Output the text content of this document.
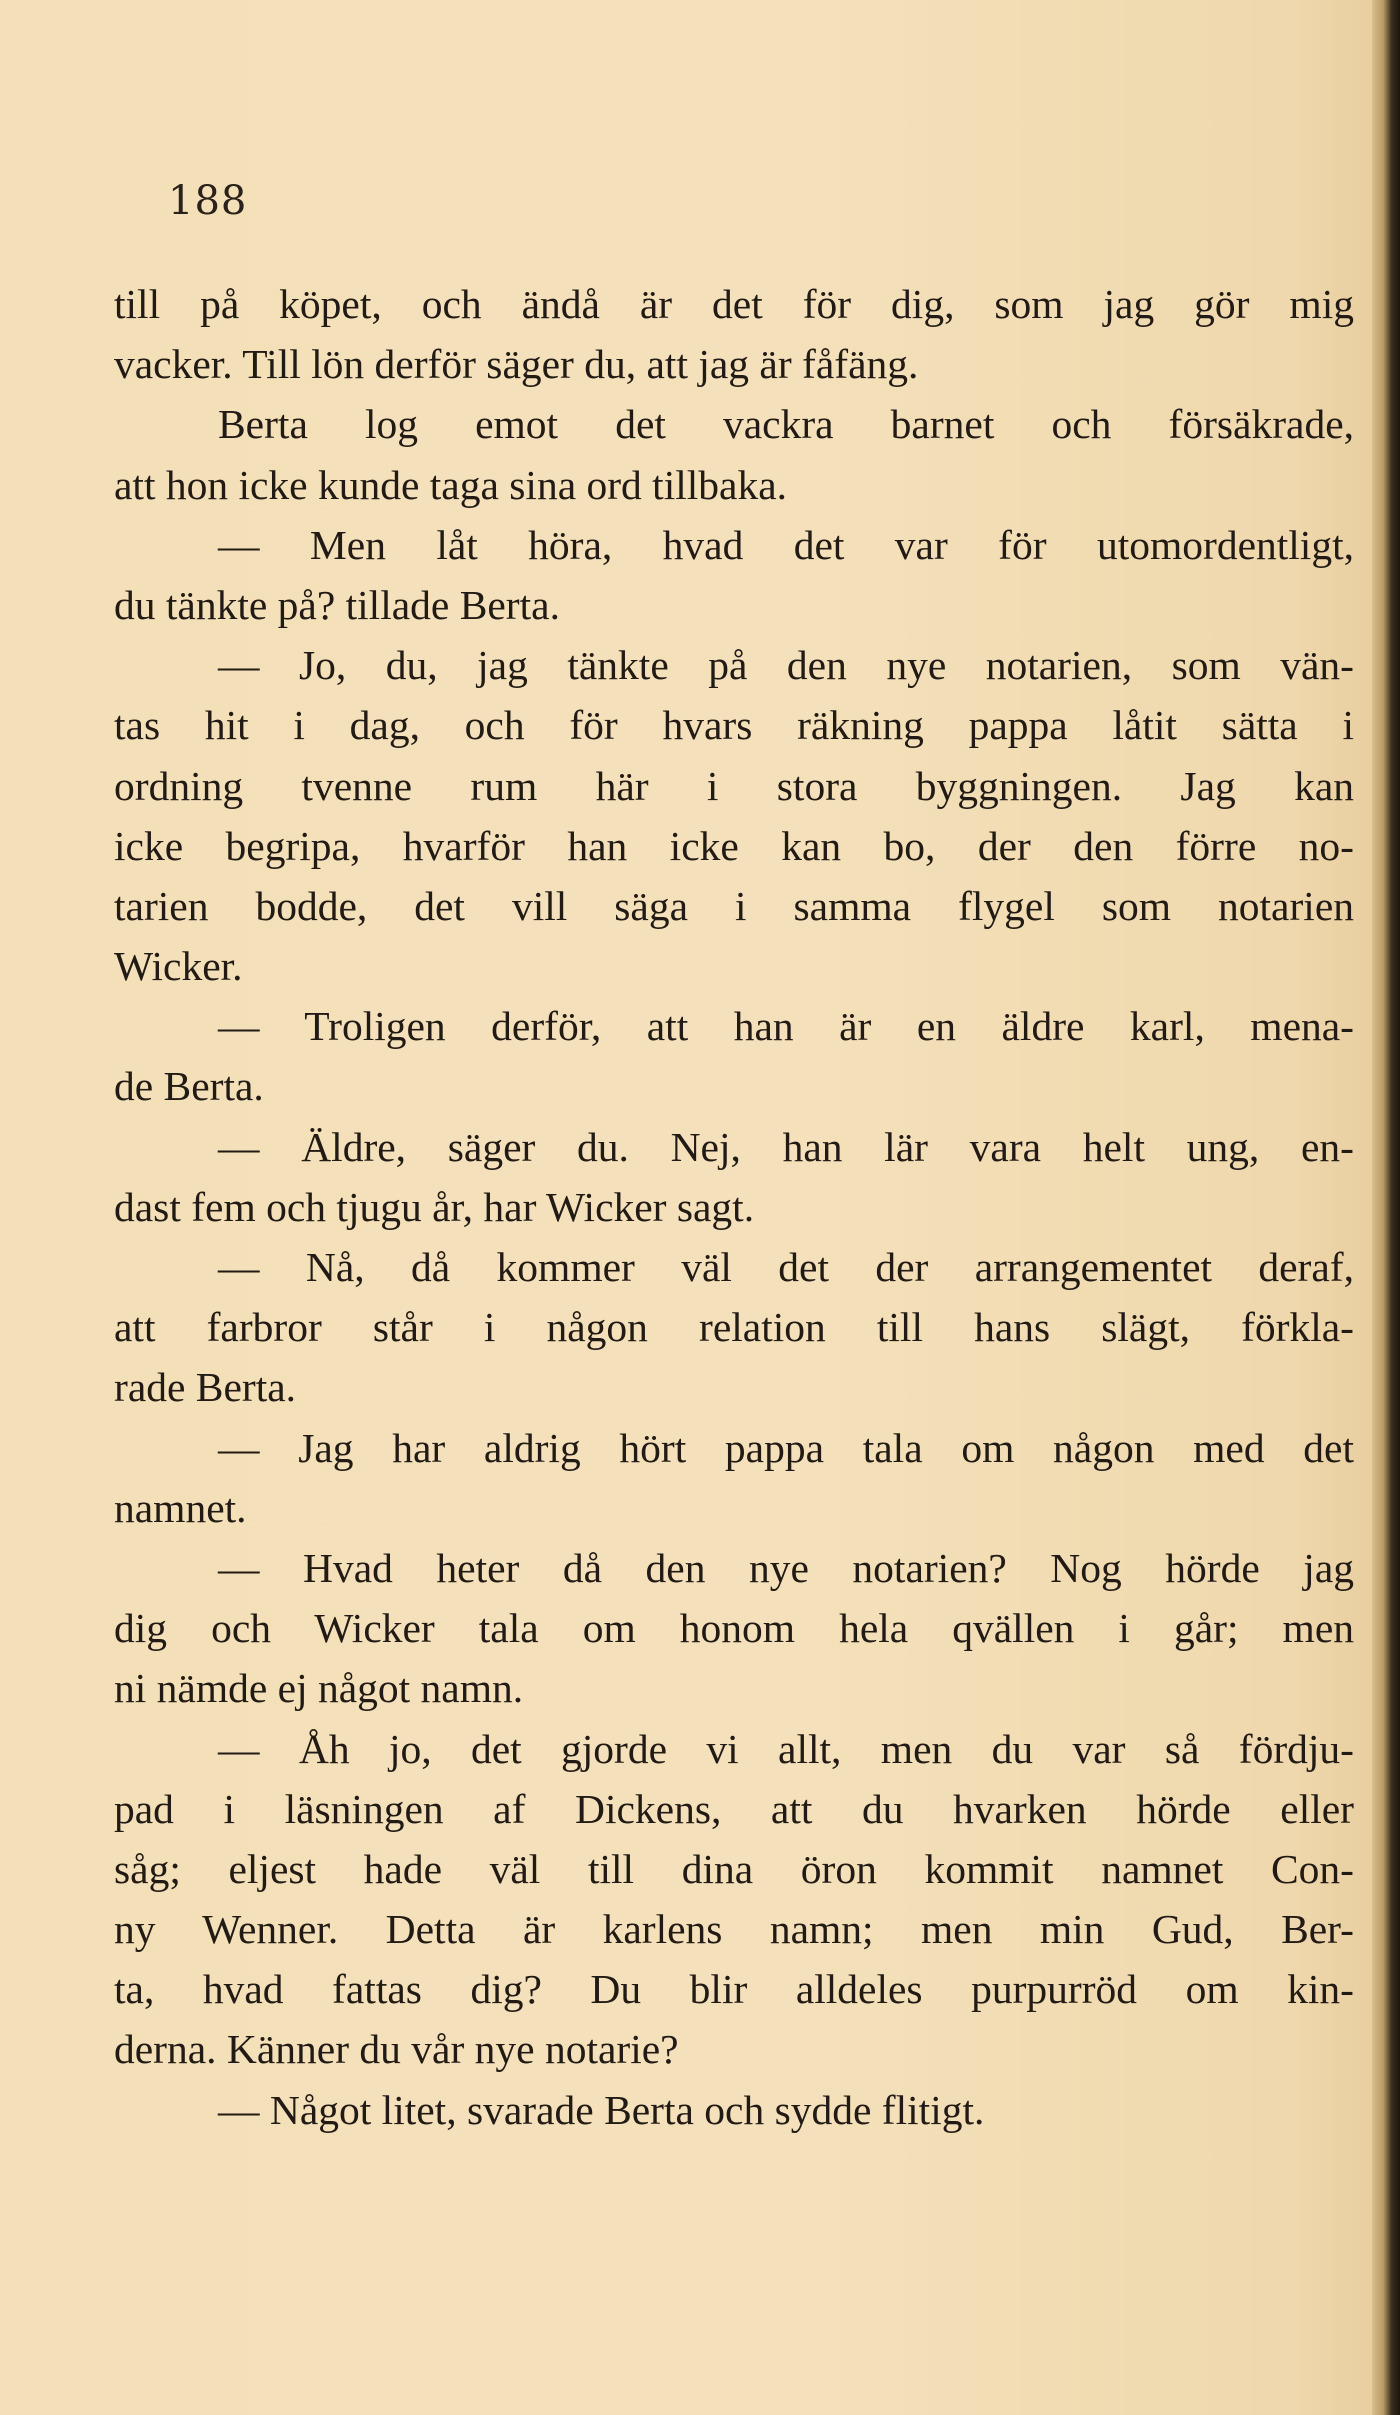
188
till på köpet, och ändå är det för dig, som jag gör mig
vacker. Till lön derför säger du, att jag är fåfäng.
Berta log emot det vackra barnet och försäkrade,
att hon icke kunde taga sina ord tillbaka.
— Men låt höra, hvad det var för utomordentligt,
du tänkte på? tillade Berta.
— Jo, du, jag tänkte på den nye notarien, som vän-
tas hit i dag, och för hvars räkning pappa låtit sätta i
ordning tvenne rum här i stora byggningen. Jag kan
icke begripa, hvarför han icke kan bo, der den förre no-
tarien bodde, det vill säga i samma flygel som notarien
Wicker.
— Troligen derför, att han är en äldre karl, mena-
de Berta.
— Äldre, säger du. Nej, han lär vara helt ung, en-
dast fem och tjugu år, har Wicker sagt.
— Nå, då kommer väl det der arrangementet deraf,
att farbror står i någon relation till hans slägt, förkla-
rade Berta.
— Jag har aldrig hört pappa tala om någon med det
namnet.
— Hvad heter då den nye notarien? Nog hörde jag
dig och Wicker tala om honom hela qvällen i går; men
ni nämde ej något namn.
— Åh jo, det gjorde vi allt, men du var så fördju-
pad i läsningen af Dickens, att du hvarken hörde eller
såg; eljest hade väl till dina öron kommit namnet Con-
ny Wenner. Detta är karlens namn; men min Gud, Ber-
ta, hvad fattas dig? Du blir alldeles purpurröd om kin-
derna. Känner du vår nye notarie?
— Något litet, svarade Berta och sydde flitigt.
